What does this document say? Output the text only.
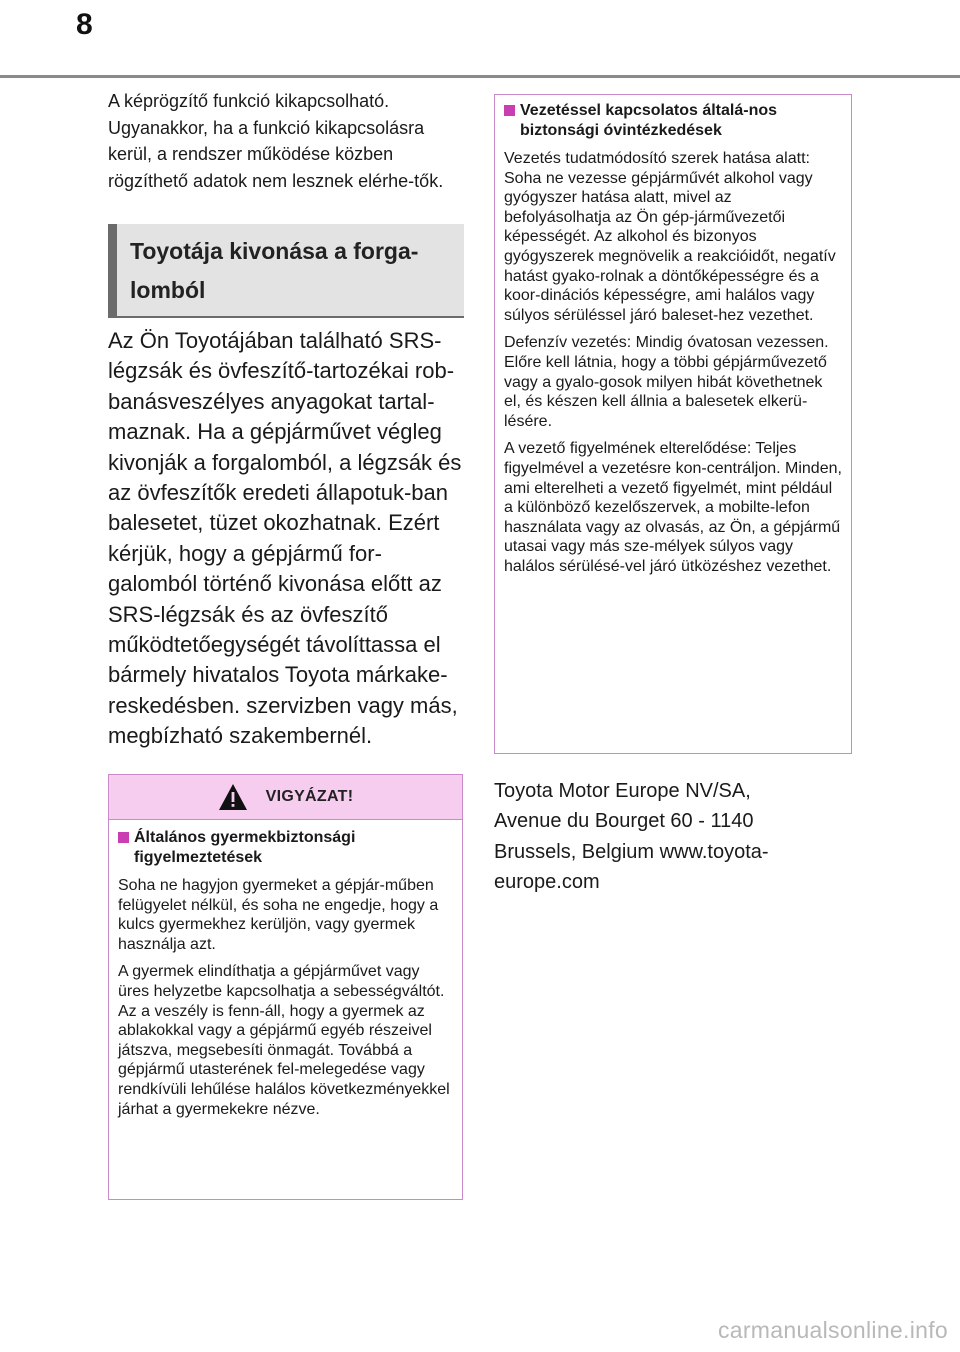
8

A képrögzítő funkció kikapcsolható. Ugyanakkor, ha a funkció kikapcsolásra kerül, a rendszer működése közben rögzíthető adatok nem lesznek elérhe-tők.

Toyotája kivonása a forga-lomból

Az Ön Toyotájában található SRS-légzsák és övfeszítő-tartozékai rob-banásveszélyes anyagokat tartal-maznak. Ha a gépjárművet végleg kivonják a forgalomból, a légzsák és az övfeszítők eredeti állapotuk-ban balesetet, tüzet okozhatnak. Ezért kérjük, hogy a gépjármű for-galomból történő kivonása előtt az SRS-légzsák és az övfeszítő működtetőegységét távolíttassa el bármely hivatalos Toyota márkake-reskedésben. szervizben vagy más, megbízható szakembernél.

VIGYÁZAT!
Általános gyermekbiztonsági figyelmeztetések

Soha ne hagyjon gyermeket a gépjár-műben felügyelet nélkül, és soha ne engedje, hogy a kulcs gyermekhez kerüljön, vagy gyermek használja azt.

A gyermek elindíthatja a gépjárművet vagy üres helyzetbe kapcsolhatja a sebességváltót. Az a veszély is fenn-áll, hogy a gyermek az ablakokkal vagy a gépjármű egyéb részeivel játszva, megsebesíti önmagát. Továbbá a gépjármű utasterének fel-melegedése vagy rendkívüli lehűlése halálos következményekkel járhat a gyermekekre nézve.

Vezetéssel kapcsolatos általá-nos biztonsági óvintézkedések

Vezetés tudatmódosító szerek hatása alatt: Soha ne vezesse gépjárművét alkohol vagy gyógyszer hatása alatt, mivel az befolyásolhatja az Ön gép-járművezetői képességét. Az alkohol és bizonyos gyógyszerek megnövelik a reakcióidőt, negatív hatást gyako-rolnak a döntőképességre és a koor-dinációs képességre, ami halálos vagy súlyos sérüléssel járó baleset-hez vezethet.

Defenzív vezetés: Mindig óvatosan vezessen. Előre kell látnia, hogy a többi gépjárművezető vagy a gyalo-gosok milyen hibát követhetnek el, és készen kell állnia a balesetek elkerü-lésére.

A vezető figyelmének elterelődése: Teljes figyelmével a vezetésre kon-centráljon. Minden, ami elterelheti a vezető figyelmét, mint például a különböző kezelőszervek, a mobilte-lefon használata vagy az olvasás, az Ön, a gépjármű utasai vagy más sze-mélyek súlyos vagy halálos sérülésé-vel járó ütközéshez vezethet.

Toyota Motor Europe NV/SA,
Avenue du Bourget 60 - 1140
Brussels, Belgium www.toyota-
europe.com
carmanualsonline.info
